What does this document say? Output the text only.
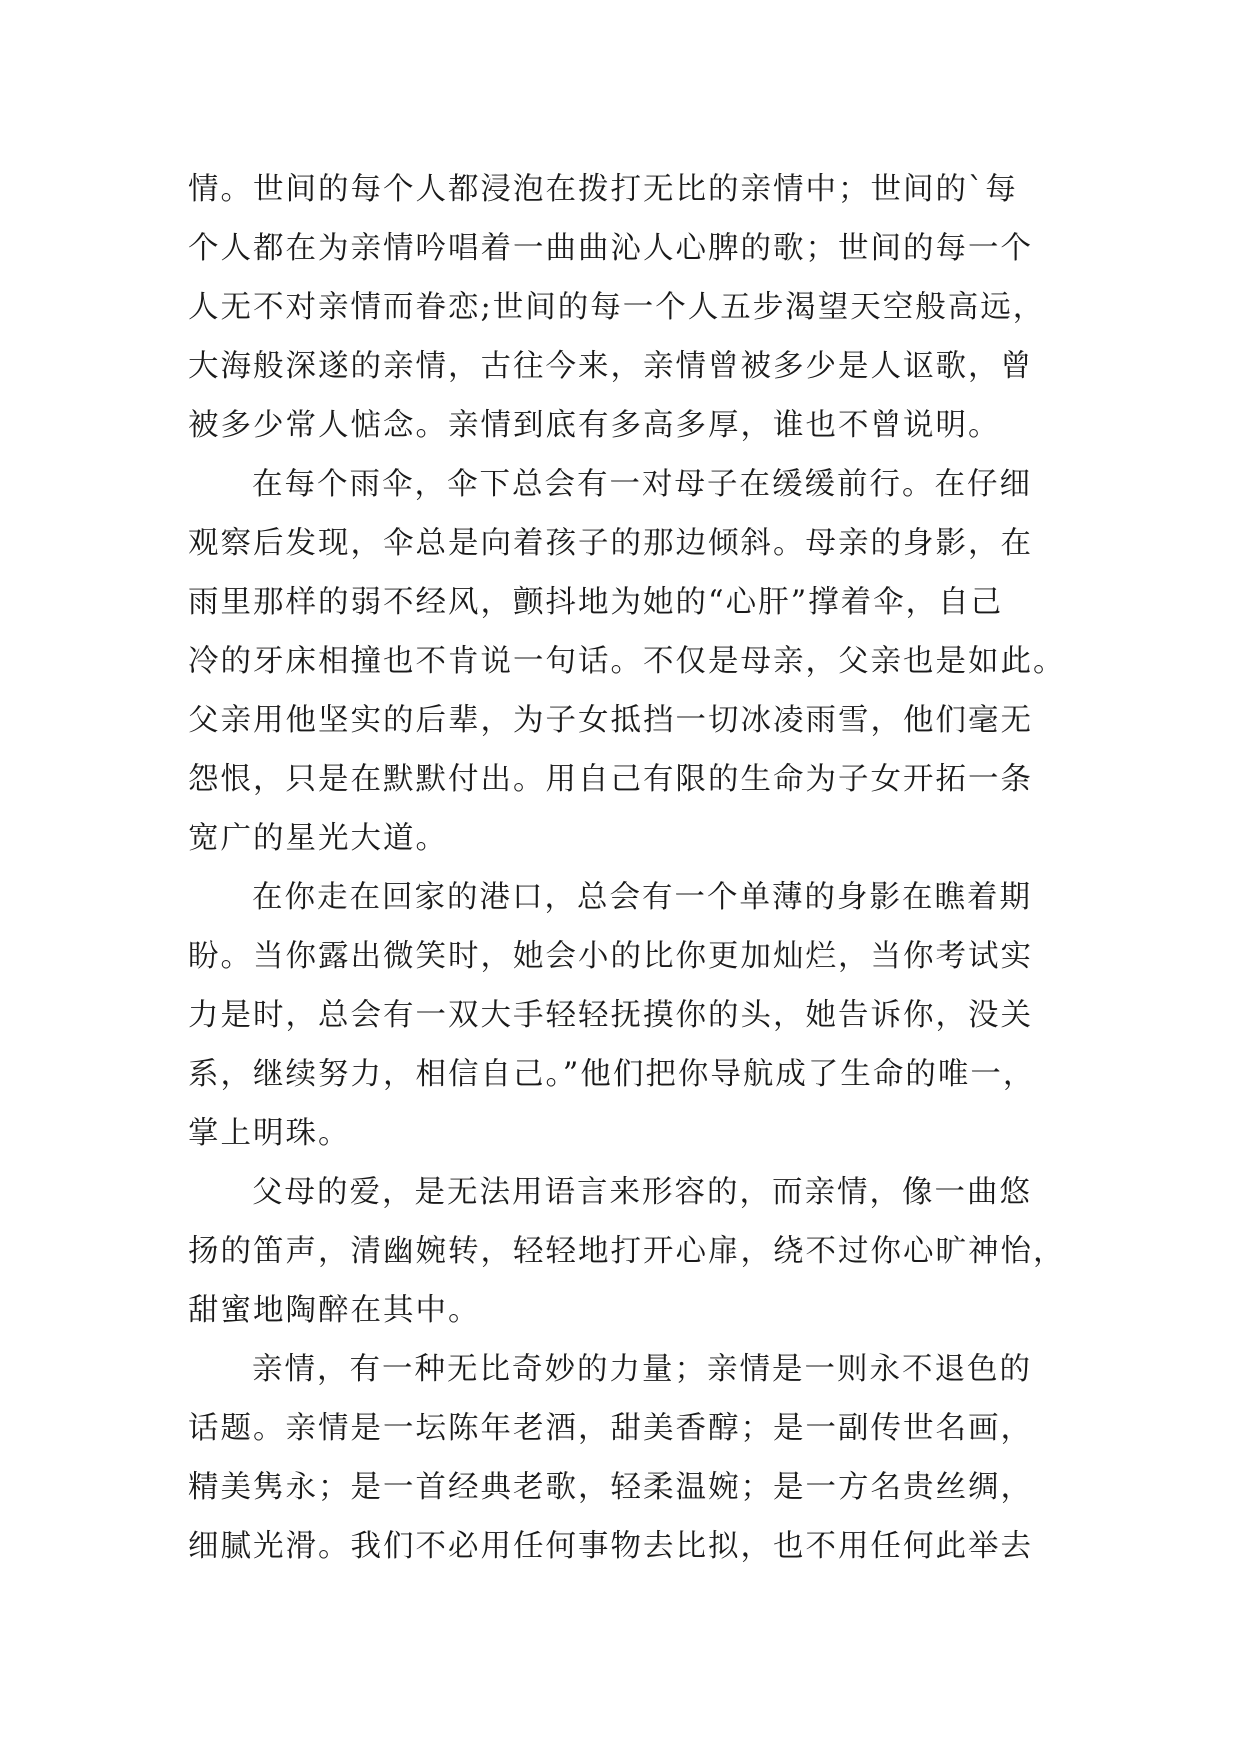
情。世间的每个人都浸泡在拨打无比的亲情中；世间的`每
个人都在为亲情吟唱着一曲曲沁人心脾的歌；世间的每一个
人无不对亲情而眷恋;世间的每一个人五步渴望天空般高远，
大海般深遂的亲情，古往今来，亲情曾被多少是人讴歌，曾
被多少常人惦念。亲情到底有多高多厚，谁也不曾说明。
在每个雨伞，伞下总会有一对母子在缓缓前行。在仔细
观察后发现，伞总是向着孩子的那边倾斜。母亲的身影，在
雨里那样的弱不经风，颤抖地为她的“心肝”撑着伞，自己
冷的牙床相撞也不肯说一句话。不仅是母亲，父亲也是如此。
父亲用他坚实的后辈，为子女抵挡一切冰凌雨雪，他们毫无
怨恨，只是在默默付出。用自己有限的生命为子女开拓一条
宽广的星光大道。
在你走在回家的港口，总会有一个单薄的身影在瞧着期
盼。当你露出微笑时，她会小的比你更加灿烂，当你考试实
力是时，总会有一双大手轻轻抚摸你的头，她告诉你，没关
系，继续努力，相信自己。”他们把你导航成了生命的唯一，
掌上明珠。
父母的爱，是无法用语言来形容的，而亲情，像一曲悠
扬的笛声，清幽婉转，轻轻地打开心扉，绕不过你心旷神怡，
甜蜜地陶醉在其中。
亲情，有一种无比奇妙的力量；亲情是一则永不退色的
话题。亲情是一坛陈年老酒，甜美香醇；是一副传世名画，
精美隽永；是一首经典老歌，轻柔温婉；是一方名贵丝绸，
细腻光滑。我们不必用任何事物去比拟，也不用任何此举去
